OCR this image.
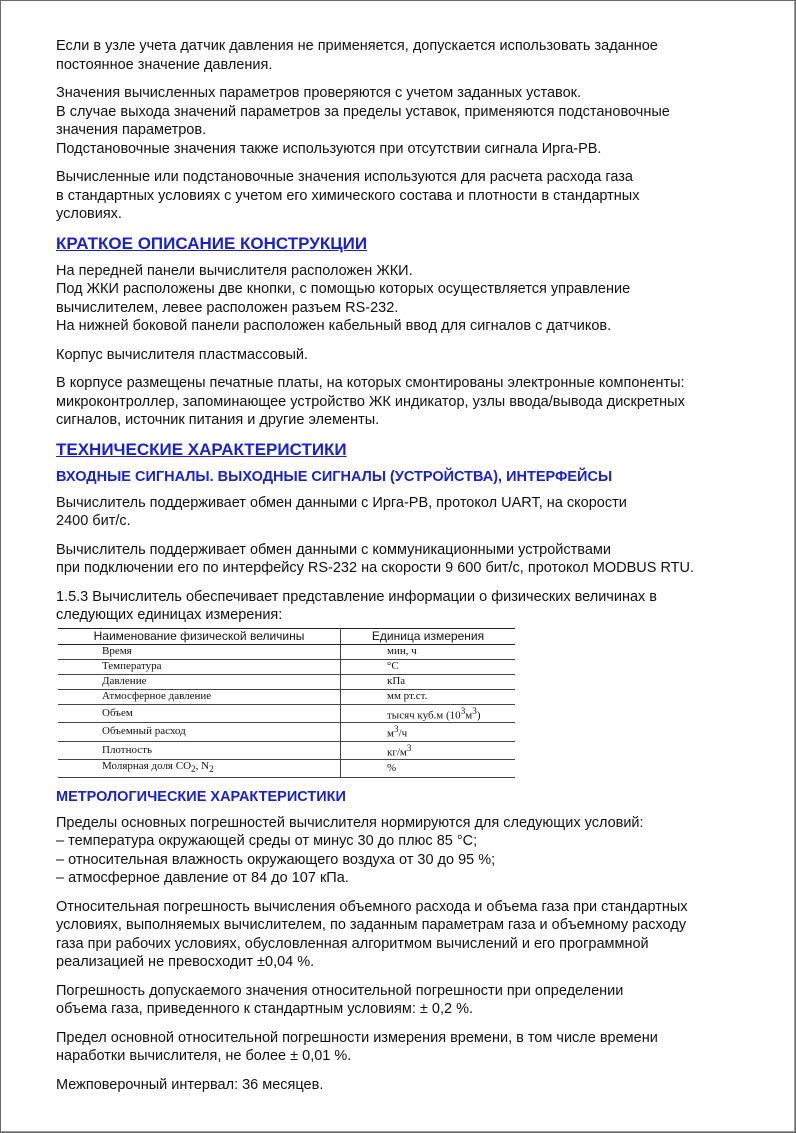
Если в узле учета датчик давления не применяется, допускается использовать заданное
постоянное значение давления.

Значения вычисленных параметров проверяются с учетом заданных уставок.
В случае выхода значений параметров за пределы уставок, применяются подстановочные
значения параметров.
Подстановочные значения также используются при отсутствии сигнала Ирга-РВ.

Вычисленные или подстановочные значения используются для расчета расхода газа
в стандартных условиях с учетом его химического состава и плотности в стандартных
условиях.

КРАТКОЕ ОПИСАНИЕ КОНСТРУКЦИИ

На передней панели вычислителя расположен ЖКИ.
Под ЖКИ расположены две кнопки, с помощью которых осуществляется управление
вычислителем, левее расположен разъем RS-232.
На нижней боковой панели расположен кабельный ввод для сигналов с датчиков.

Корпус вычислителя пластмассовый.

В корпусе размещены печатные платы, на которых смонтированы электронные компоненты:
микроконтроллер, запоминающее устройство ЖК индикатор, узлы ввода/вывода дискретных
сигналов, источник питания и другие элементы.

ТЕХНИЧЕСКИЕ ХАРАКТЕРИСТИКИ
ВХОДНЫЕ СИГНАЛЫ. ВЫХОДНЫЕ СИГНАЛЫ (УСТРОЙСТВА), ИНТЕРФЕЙСЫ

Вычислитель поддерживает обмен данными с Ирга-РВ, протокол UART, на скорости
2400 бит/с.

Вычислитель поддерживает обмен данными с коммуникационными устройствами
при подключении его по интерфейсу RS-232 на скорости 9 600 бит/с, протокол MODBUS RTU.

1.5.3 Вычислитель обеспечивает представление информации о физических величинах в
следующих единицах измерения:

Наименование физической величины	Единица измерения
Время	мин, ч
Температура	°С
Давление	кПа
Атмосферное давление	мм рт.ст.
Объем	тысяч куб.м $(10^3м^3)$
Объемный расход	$м^3/ч$
Плотность	$кг/м^3$
Молярная доля $CO_2$, $N_2$	%
МЕТРОЛОГИЧЕСКИЕ ХАРАКТЕРИСТИКИ

Пределы основных погрешностей вычислителя нормируются для следующих условий:
– температура окружающей среды от минус 30 до плюс 85 °С;
– относительная влажность окружающего воздуха от 30 до 95 %;
– атмосферное давление от 84 до 107 кПа.

Относительная погрешность вычисления объемного расхода и объема газа при стандартных
условиях, выполняемых вычислителем, по заданным параметрам газа и объемному расходу
газа при рабочих условиях, обусловленная алгоритмом вычислений и его программной
реализацией не превосходит ±0,04 %.

Погрешность допускаемого значения относительной погрешности при определении
объема газа, приведенного к стандартным условиям: ± 0,2 %.

Предел основной относительной погрешности измерения времени, в том числе времени
наработки вычислителя, не более ± 0,01 %.

Межповерочный интервал: 36 месяцев.
